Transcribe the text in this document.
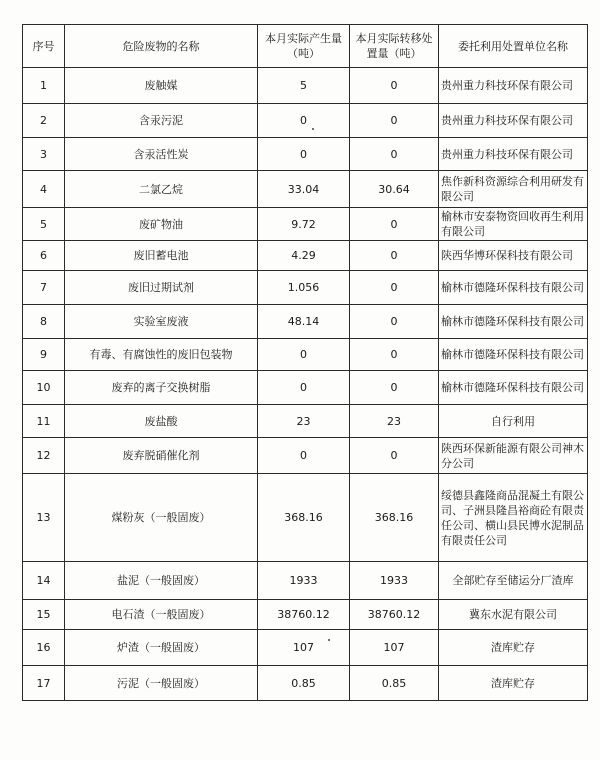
序号	危险废物的名称	本月实际产生量（吨）	本月实际转移处置量（吨）	委托利用处置单位名称
1	废触媒	5	0	贵州重力科技环保有限公司
2	含汞污泥	0	0	贵州重力科技环保有限公司
3	含汞活性炭	0	0	贵州重力科技环保有限公司
4	二氯乙烷	33.04	30.64	焦作新科资源综合利用研发有限公司
5	废矿物油	9.72	0	榆林市安泰物资回收再生利用有限公司
6	废旧蓄电池	4.29	0	陕西华博环保科技有限公司
7	废旧过期试剂	1.056	0	榆林市德隆环保科技有限公司
8	实验室废液	48.14	0	榆林市德隆环保科技有限公司
9	有毒、有腐蚀性的废旧包装物	0	0	榆林市德隆环保科技有限公司
10	废弃的离子交换树脂	0	0	榆林市德隆环保科技有限公司
11	废盐酸	23	23	自行利用
12	废弃脱硝催化剂	0	0	陕西环保新能源有限公司神木分公司
13	煤粉灰（一般固废）	368.16	368.16	绥德县鑫隆商品混凝土有限公司、子洲县隆昌裕商砼有限责任公司、横山县民博水泥制品有限责任公司
14	盐泥（一般固废）	1933	1933	全部贮存至储运分厂渣库
15	电石渣（一般固废）	38760.12	38760.12	冀东水泥有限公司
16	炉渣（一般固废）	107	107	渣库贮存
17	污泥（一般固废）	0.85	0.85	渣库贮存
